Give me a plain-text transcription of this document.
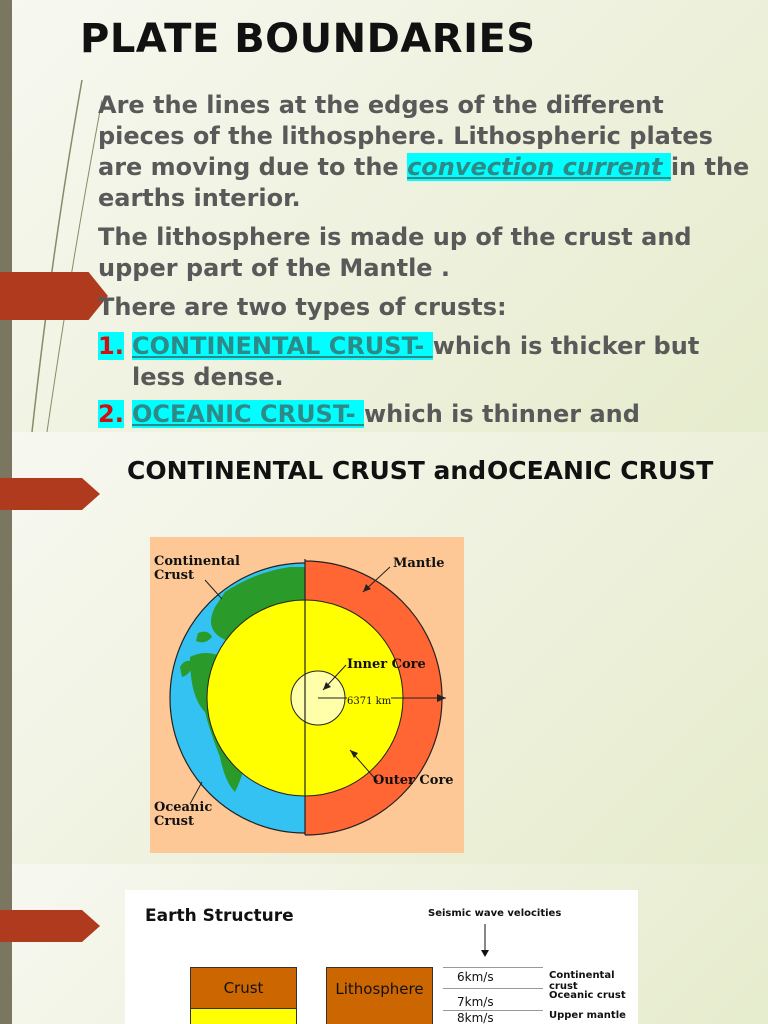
PLATE BOUNDARIES

Are the lines at the edges of the different pieces of the lithosphere. Lithospheric plates are moving due to the convection current in the earths interior.

The lithosphere is made up of the crust and upper part of the Mantle .

There are two types of crusts:

1. CONTINENTAL CRUST- which is thicker but less dense.
2. OCEANIC CRUST- which is thinner and
CONTINENTAL CRUST and OCEANIC CRUST
Continental
Crust
Mantle
Inner Core
6371 km
Outer Core
Oceanic
Crust
Earth Structure	Seismic wave velocities
Crust	Lithosphere
6km/s
7km/s
8km/s
Continental crust
Oceanic crust
Upper mantle
